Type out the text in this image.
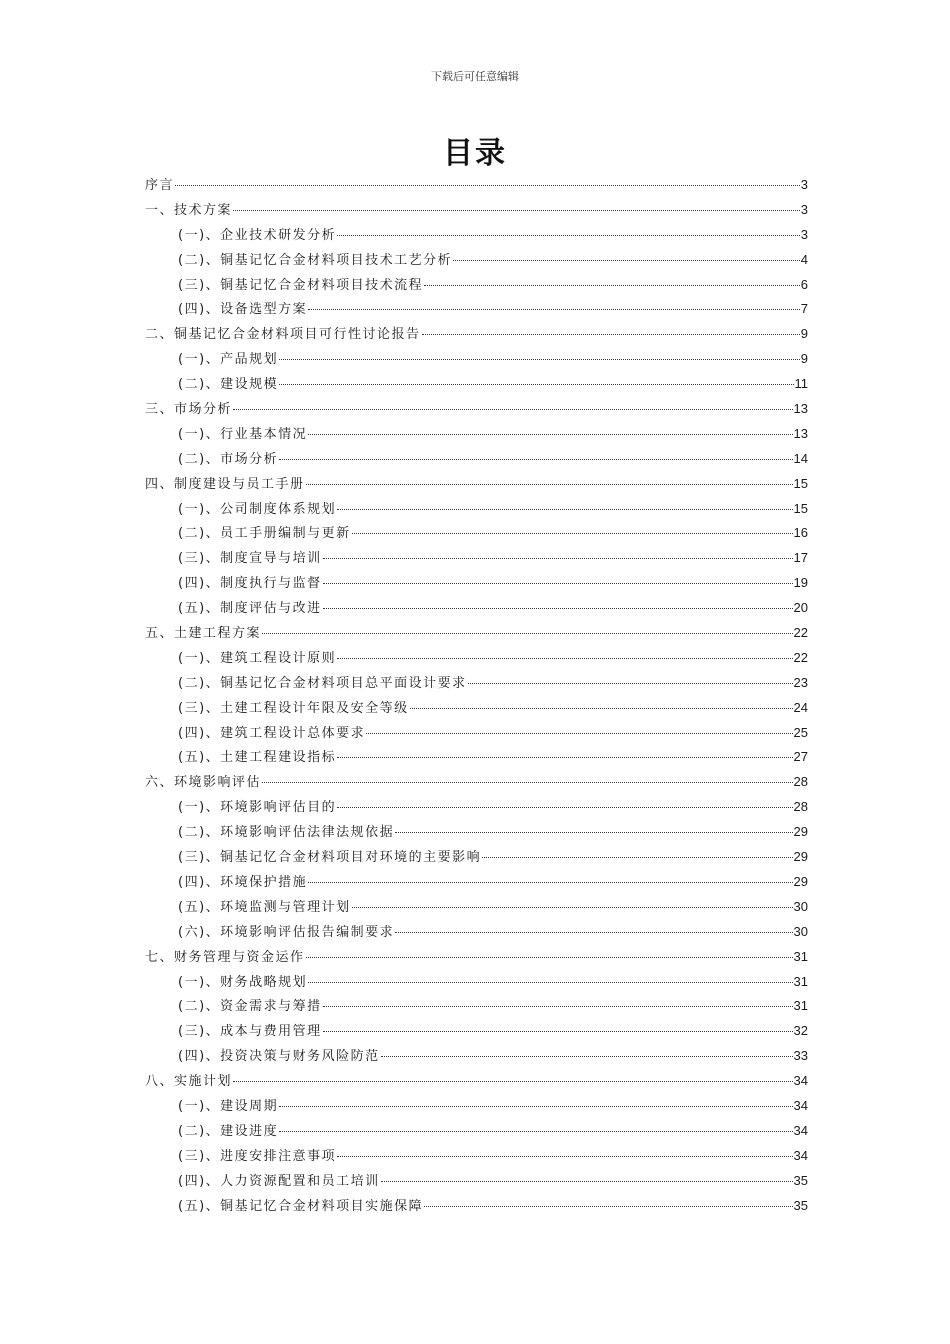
下载后可任意编辑
目录
序言	3
一、技术方案	3
(一)、企业技术研发分析	3
(二)、铜基记忆合金材料项目技术工艺分析	4
(三)、铜基记忆合金材料项目技术流程	6
(四)、设备选型方案	7
二、铜基记忆合金材料项目可行性讨论报告	9
(一)、产品规划	9
(二)、建设规模	11
三、市场分析	13
(一)、行业基本情况	13
(二)、市场分析	14
四、制度建设与员工手册	15
(一)、公司制度体系规划	15
(二)、员工手册编制与更新	16
(三)、制度宣导与培训	17
(四)、制度执行与监督	19
(五)、制度评估与改进	20
五、土建工程方案	22
(一)、建筑工程设计原则	22
(二)、铜基记忆合金材料项目总平面设计要求	23
(三)、土建工程设计年限及安全等级	24
(四)、建筑工程设计总体要求	25
(五)、土建工程建设指标	27
六、环境影响评估	28
(一)、环境影响评估目的	28
(二)、环境影响评估法律法规依据	29
(三)、铜基记忆合金材料项目对环境的主要影响	29
(四)、环境保护措施	29
(五)、环境监测与管理计划	30
(六)、环境影响评估报告编制要求	30
七、财务管理与资金运作	31
(一)、财务战略规划	31
(二)、资金需求与筹措	31
(三)、成本与费用管理	32
(四)、投资决策与财务风险防范	33
八、实施计划	34
(一)、建设周期	34
(二)、建设进度	34
(三)、进度安排注意事项	34
(四)、人力资源配置和员工培训	35
(五)、铜基记忆合金材料项目实施保障	35
